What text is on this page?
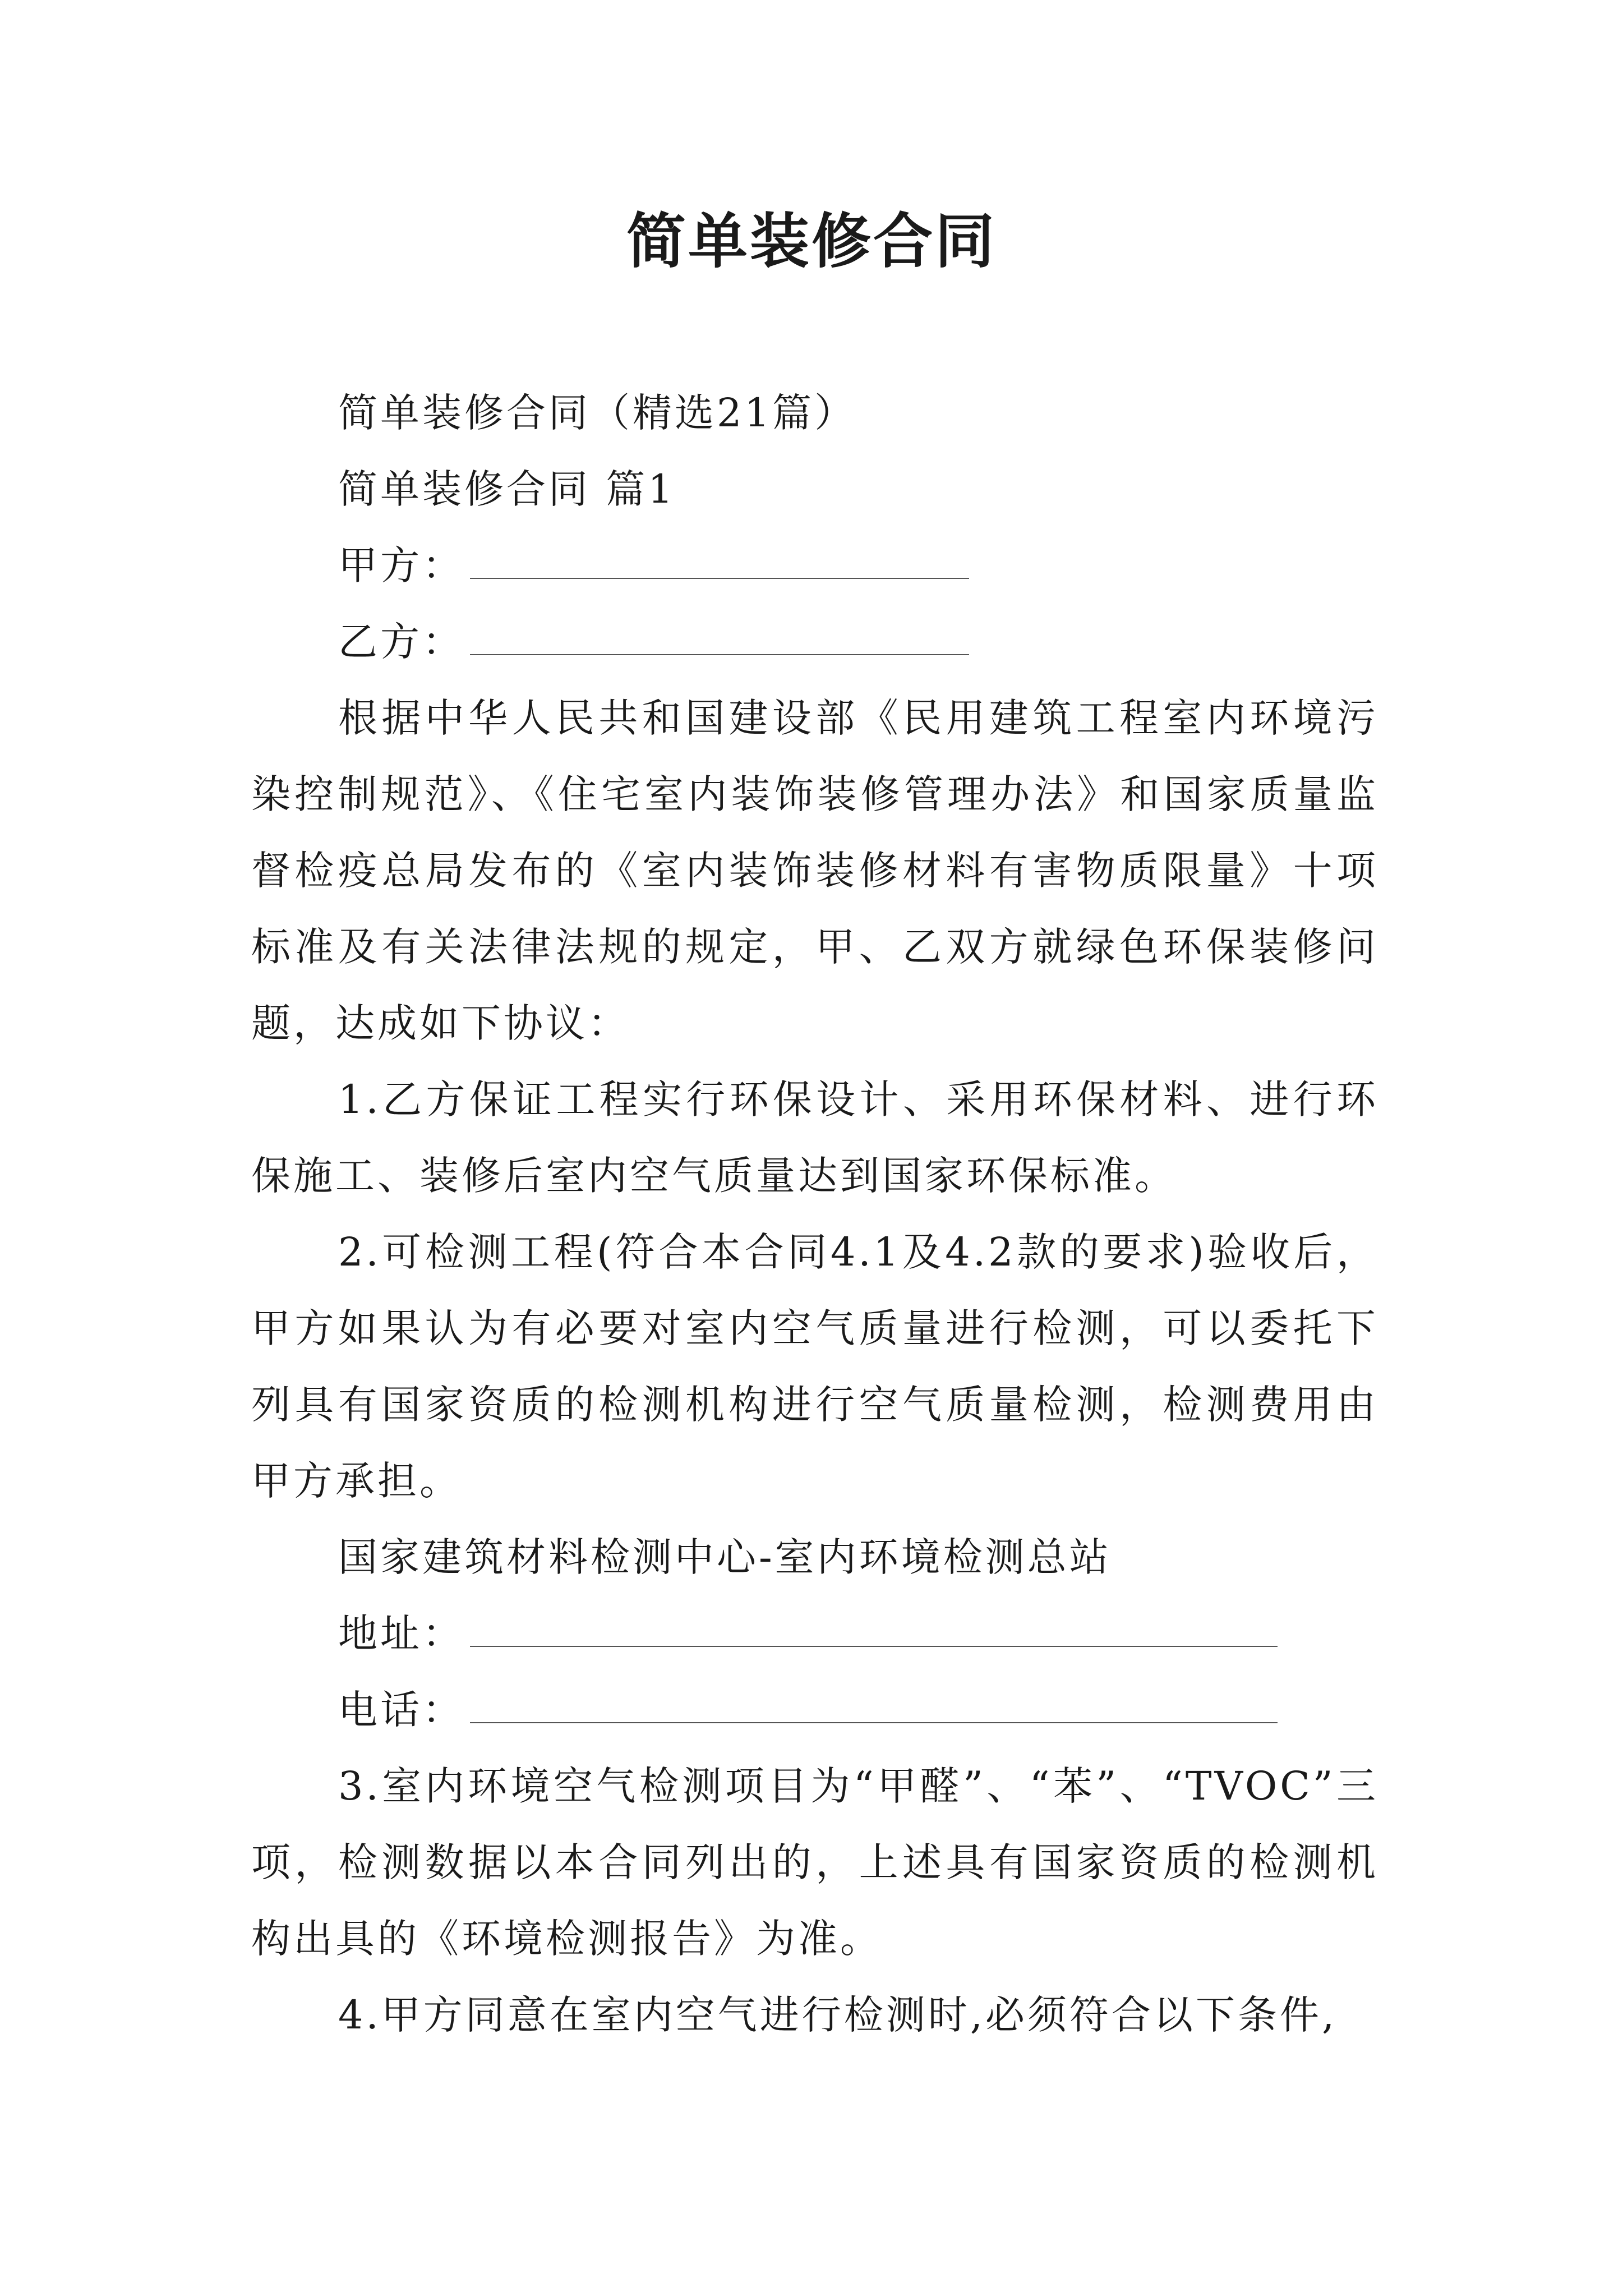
简单装修合同
简单装修合同（精选21篇）
简单装修合同 篇1
甲方：
乙方：

根据中华人民共和国建设部《民用建筑工程室内环境污染控制规范》、《住宅室内装饰装修管理办法》和国家质量监督检疫总局发布的《室内装饰装修材料有害物质限量》十项标准及有关法律法规的规定，甲、乙双方就绿色环保装修问题，达成如下协议：

1.乙方保证工程实行环保设计、采用环保材料、进行环保施工、装修后室内空气质量达到国家环保标准。

2.可检测工程(符合本合同4.1及4.2款的要求)验收后，甲方如果认为有必要对室内空气质量进行检测，可以委托下列具有国家资质的检测机构进行空气质量检测，检测费用由甲方承担。

国家建筑材料检测中心-室内环境检测总站
地址：
电话：

3.室内环境空气检测项目为“甲醛”、“苯”、“TVOC”三项，检测数据以本合同列出的，上述具有国家资质的检测机构出具的《环境检测报告》为准。

4.甲方同意在室内空气进行检测时,必须符合以下条件,
